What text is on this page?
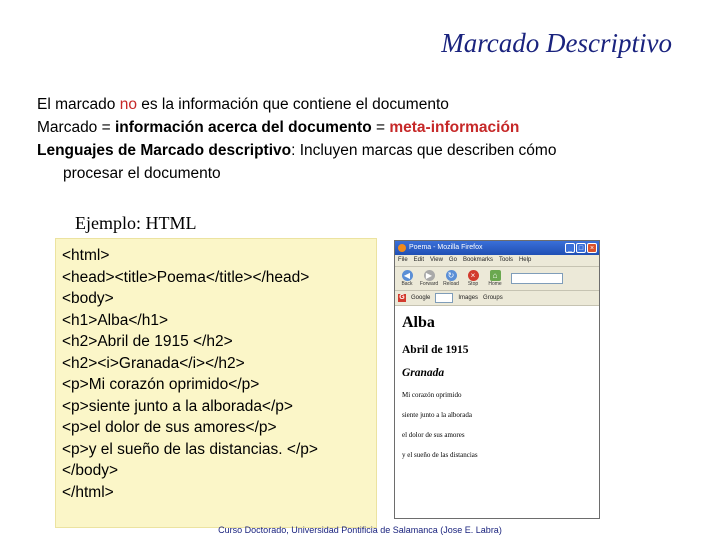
Marcado Descriptivo
El marcado no es la información que contiene el documento
Marcado = información acerca del documento = meta-información
Lenguajes de Marcado descriptivo: Incluyen marcas que describen cómo
procesar el documento
Ejemplo: HTML
<html>
<head><title>Poema</title></head>
<body>
<h1>Alba</h1>
<h2>Abril de 1915 </h2>
<h2><i>Granada</i></h2>
<p>Mi corazón oprimido</p>
<p>siente junto a la alborada</p>
<p>el dolor de sus amores</p>
<p>y el sueño de las distancias. </p>
</body>
</html>
Poema - Mozilla Firefox	_ □ ×
File Edit View Go Bookmarks Tools Help
◀
Back
▶
Forward
↻
Reload
×
Stop
⌂
Home
G Google	Images Groups
Alba
Abril de 1915
Granada
Mi corazón oprimido
siente junto a la alborada
el dolor de sus amores
y el sueño de las distancias
Curso Doctorado, Universidad Pontificia de Salamanca (Jose E. Labra)
